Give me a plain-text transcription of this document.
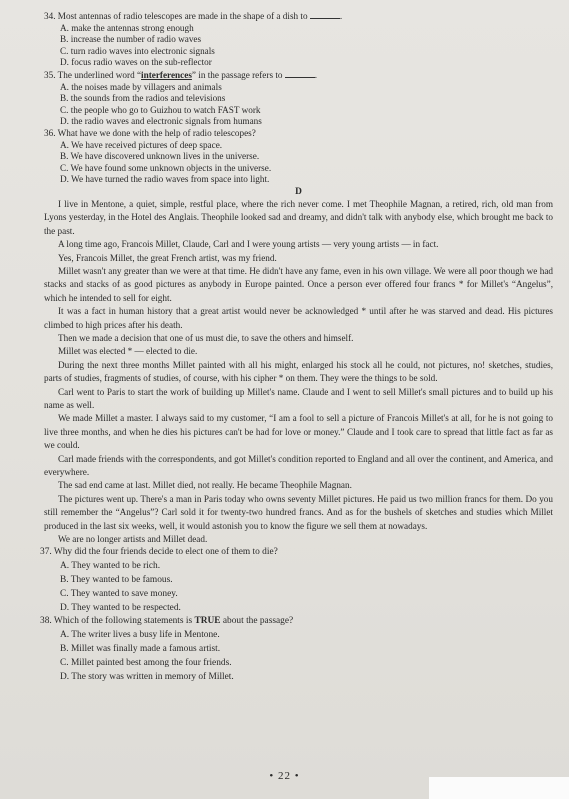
34. Most antennas of radio telescopes are made in the shape of a dish to	.

A. make the antennas strong enough

B. increase the number of radio waves

C. turn radio waves into electronic signals

D. focus radio waves on the sub-reflector

35. The underlined word “interferences” in the passage refers to	.

A. the noises made by villagers and animals

B. the sounds from the radios and televisions

C. the people who go to Guizhou to watch FAST work

D. the radio waves and electronic signals from humans

36. What have we done with the help of radio telescopes?

A. We have received pictures of deep space.

B. We have discovered unknown lives in the universe.

C. We have found some unknown objects in the universe.

D. We have turned the radio waves from space into light.

D

I live in Mentone, a quiet, simple, restful place, where the rich never come. I met Theophile Magnan, a retired, rich, old man from Lyons yesterday, in the Hotel des Anglais. Theophile looked sad and dreamy, and didn't talk with anybody else, which brought me back to the past.

A long time ago, Francois Millet, Claude, Carl and I were young artists — very young artists — in fact.

Yes, Francois Millet, the great French artist, was my friend.

Millet wasn't any greater than we were at that time. He didn't have any fame, even in his own village. We were all poor though we had stacks and stacks of as good pictures as anybody in Europe painted. Once a person ever offered four francs * for Millet's “Angelus”, which he intended to sell for eight.

It was a fact in human history that a great artist would never be acknowledged * until after he was starved and dead. His pictures climbed to high prices after his death.

Then we made a decision that one of us must die, to save the others and himself.

Millet was elected * — elected to die.

During the next three months Millet painted with all his might, enlarged his stock all he could, not pictures, no! sketches, studies, parts of studies, fragments of studies, of course, with his cipher * on them. They were the things to be sold.

Carl went to Paris to start the work of building up Millet's name. Claude and I went to sell Millet's small pictures and to build up his name as well.

We made Millet a master. I always said to my customer, “I am a fool to sell a picture of Francois Millet's at all, for he is not going to live three months, and when he dies his pictures can't be had for love or money.” Claude and I took care to spread that little fact as far as we could.

Carl made friends with the correspondents, and got Millet's condition reported to England and all over the continent, and America, and everywhere.

The sad end came at last. Millet died, not really. He became Theophile Magnan.

The pictures went up. There's a man in Paris today who owns seventy Millet pictures. He paid us two million francs for them. Do you still remember the “Angelus”? Carl sold it for twenty-two hundred francs. And as for the bushels of sketches and studies which Millet produced in the last six weeks, well, it would astonish you to know the figure we sell them at nowadays.

We are no longer artists and Millet dead.

37. Why did the four friends decide to elect one of them to die?

A. They wanted to be rich.

B. They wanted to be famous.

C. They wanted to save money.

D. They wanted to be respected.

38. Which of the following statements is TRUE about the passage?

A. The writer lives a busy life in Mentone.

B. Millet was finally made a famous artist.

C. Millet painted best among the four friends.

D. The story was written in memory of Millet.

• 22 •
